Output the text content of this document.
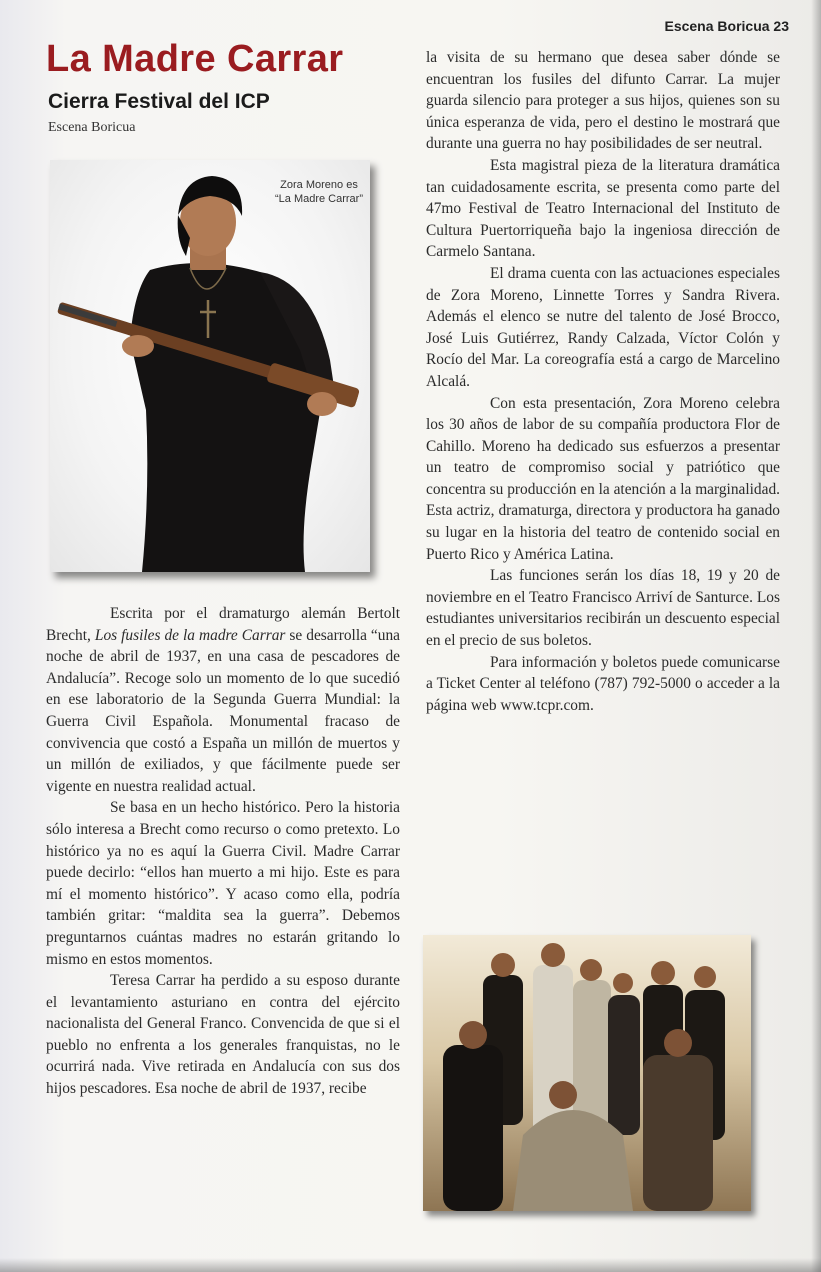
Escena Boricua 23
La Madre Carrar
Cierra Festival del ICP
Escena Boricua
Zora Moreno es
“La Madre Carrar”

Escrita por el dramaturgo alemán Bertolt Brecht, Los fusiles de la madre Carrar se desarrolla “una noche de abril de 1937, en una casa de pescadores de Andalucía”. Recoge solo un momento de lo que sucedió en ese laboratorio de la Segunda Guerra Mundial: la Guerra Civil Española. Monumental fracaso de convivencia que costó a España un millón de muertos y un millón de exiliados, y que fácilmente puede ser vigente en nuestra realidad actual.

Se basa en un hecho histórico. Pero la historia sólo interesa a Brecht como recurso o como pretexto. Lo histórico ya no es aquí la Guerra Civil. Madre Carrar puede decirlo: “ellos han muerto a mi hijo. Este es para mí el momento histórico”. Y acaso como ella, podría también gritar: “maldita sea la guerra”. Debemos preguntarnos cuántas madres no estarán gritando lo mismo en estos momentos.

Teresa Carrar ha perdido a su esposo durante el levantamiento asturiano en contra del ejército nacionalista del General Franco. Convencida de que si el pueblo no enfrenta a los generales franquistas, no le ocurrirá nada. Vive retirada en Andalucía con sus dos hijos pescadores. Esa noche de abril de 1937, recibe

la visita de su hermano que desea saber dónde se encuentran los fusiles del difunto Carrar. La mujer guarda silencio para proteger a sus hijos, quienes son su única esperanza de vida, pero el destino le mostrará que durante una guerra no hay posibilidades de ser neutral.

Esta magistral pieza de la literatura dramática tan cuidadosamente escrita, se presenta como parte del 47mo Festival de Teatro Internacional del Instituto de Cultura Puertorriqueña bajo la ingeniosa dirección de Carmelo Santana.

El drama cuenta con las actuaciones especiales de Zora Moreno, Linnette Torres y Sandra Rivera. Además el elenco se nutre del talento de José Brocco, José Luis Gutiérrez, Randy Calzada, Víctor Colón y Rocío del Mar. La coreografía está a cargo de Marcelino Alcalá.

Con esta presentación, Zora Moreno celebra los 30 años de labor de su compañía productora Flor de Cahillo. Moreno ha dedicado sus esfuerzos a presentar un teatro de compromiso social y patriótico que concentra su producción en la atención a la marginalidad. Esta actriz, dramaturga, directora y productora ha ganado su lugar en la historia del teatro de contenido social en Puerto Rico y América Latina.

Las funciones serán los días 18, 19 y 20 de noviembre en el Teatro Francisco Arriví de Santurce. Los estudiantes universitarios recibirán un descuento especial en el precio de sus boletos.

Para información y boletos puede comunicarse a Ticket Center al teléfono (787) 792-5000 o acceder a la página web www.tcpr.com.
